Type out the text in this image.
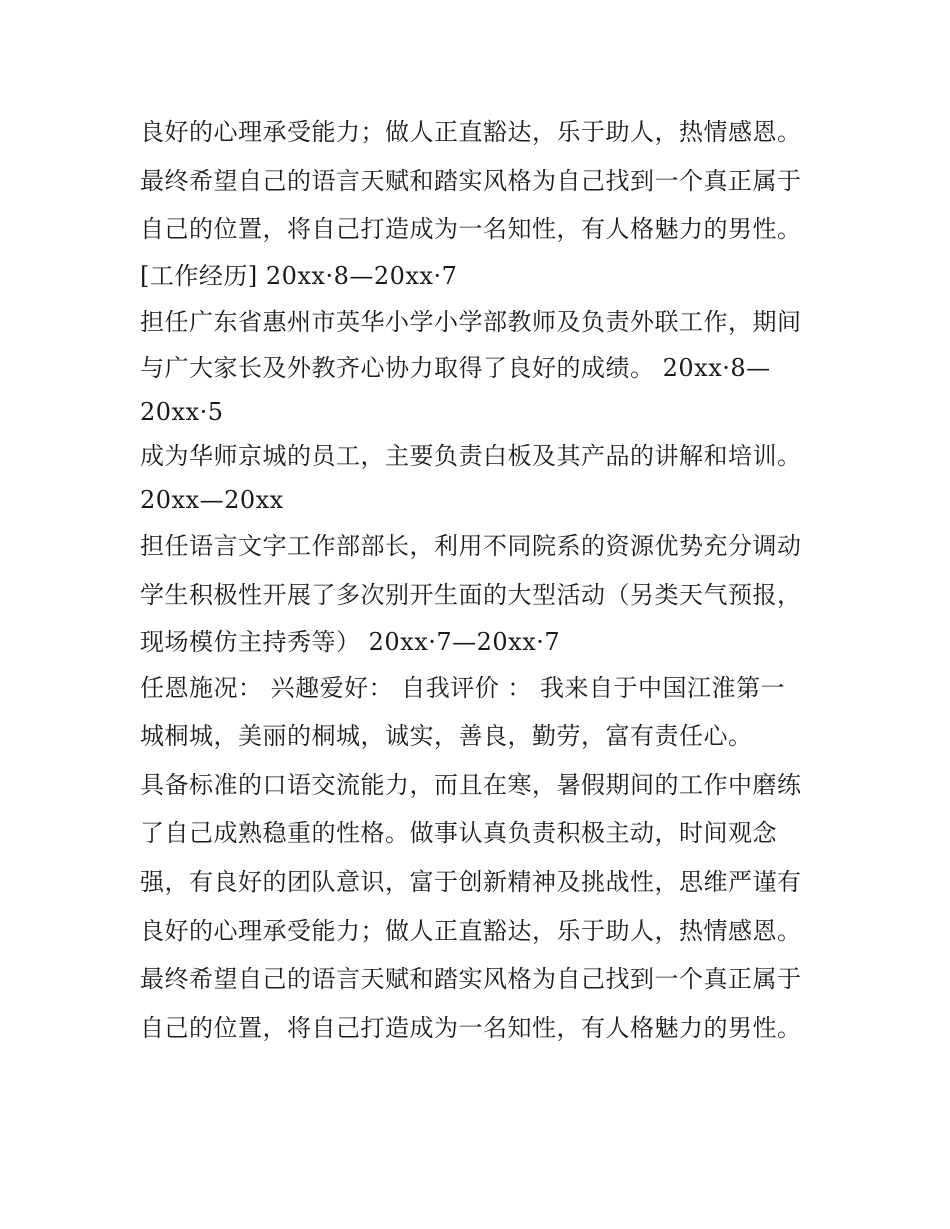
良好的心理承受能力；做人正直豁达，乐于助人，热情感恩。
最终希望自己的语言天赋和踏实风格为自己找到一个真正属于
自己的位置，将自己打造成为一名知性，有人格魅力的男性。
[工作经历] 20xx·8—20xx·7
担任广东省惠州市英华小学小学部教师及负责外联工作，期间
与广大家长及外教齐心协力取得了良好的成绩。 20xx·8—
20xx·5
成为华师京城的员工，主要负责白板及其产品的讲解和培训。
20xx—20xx
担任语言文字工作部部长，利用不同院系的资源优势充分调动
学生积极性开展了多次别开生面的大型活动（另类天气预报，
现场模仿主持秀等） 20xx·7—20xx·7
任恩施况： 兴趣爱好： 自我评价 ： 我来自于中国江淮第一
城桐城，美丽的桐城，诚实，善良，勤劳，富有责任心。
具备标准的口语交流能力，而且在寒，暑假期间的工作中磨练
了自己成熟稳重的性格。做事认真负责积极主动，时间观念
强，有良好的团队意识，富于创新精神及挑战性，思维严谨有
良好的心理承受能力；做人正直豁达，乐于助人，热情感恩。
最终希望自己的语言天赋和踏实风格为自己找到一个真正属于
自己的位置，将自己打造成为一名知性，有人格魅力的男性。
